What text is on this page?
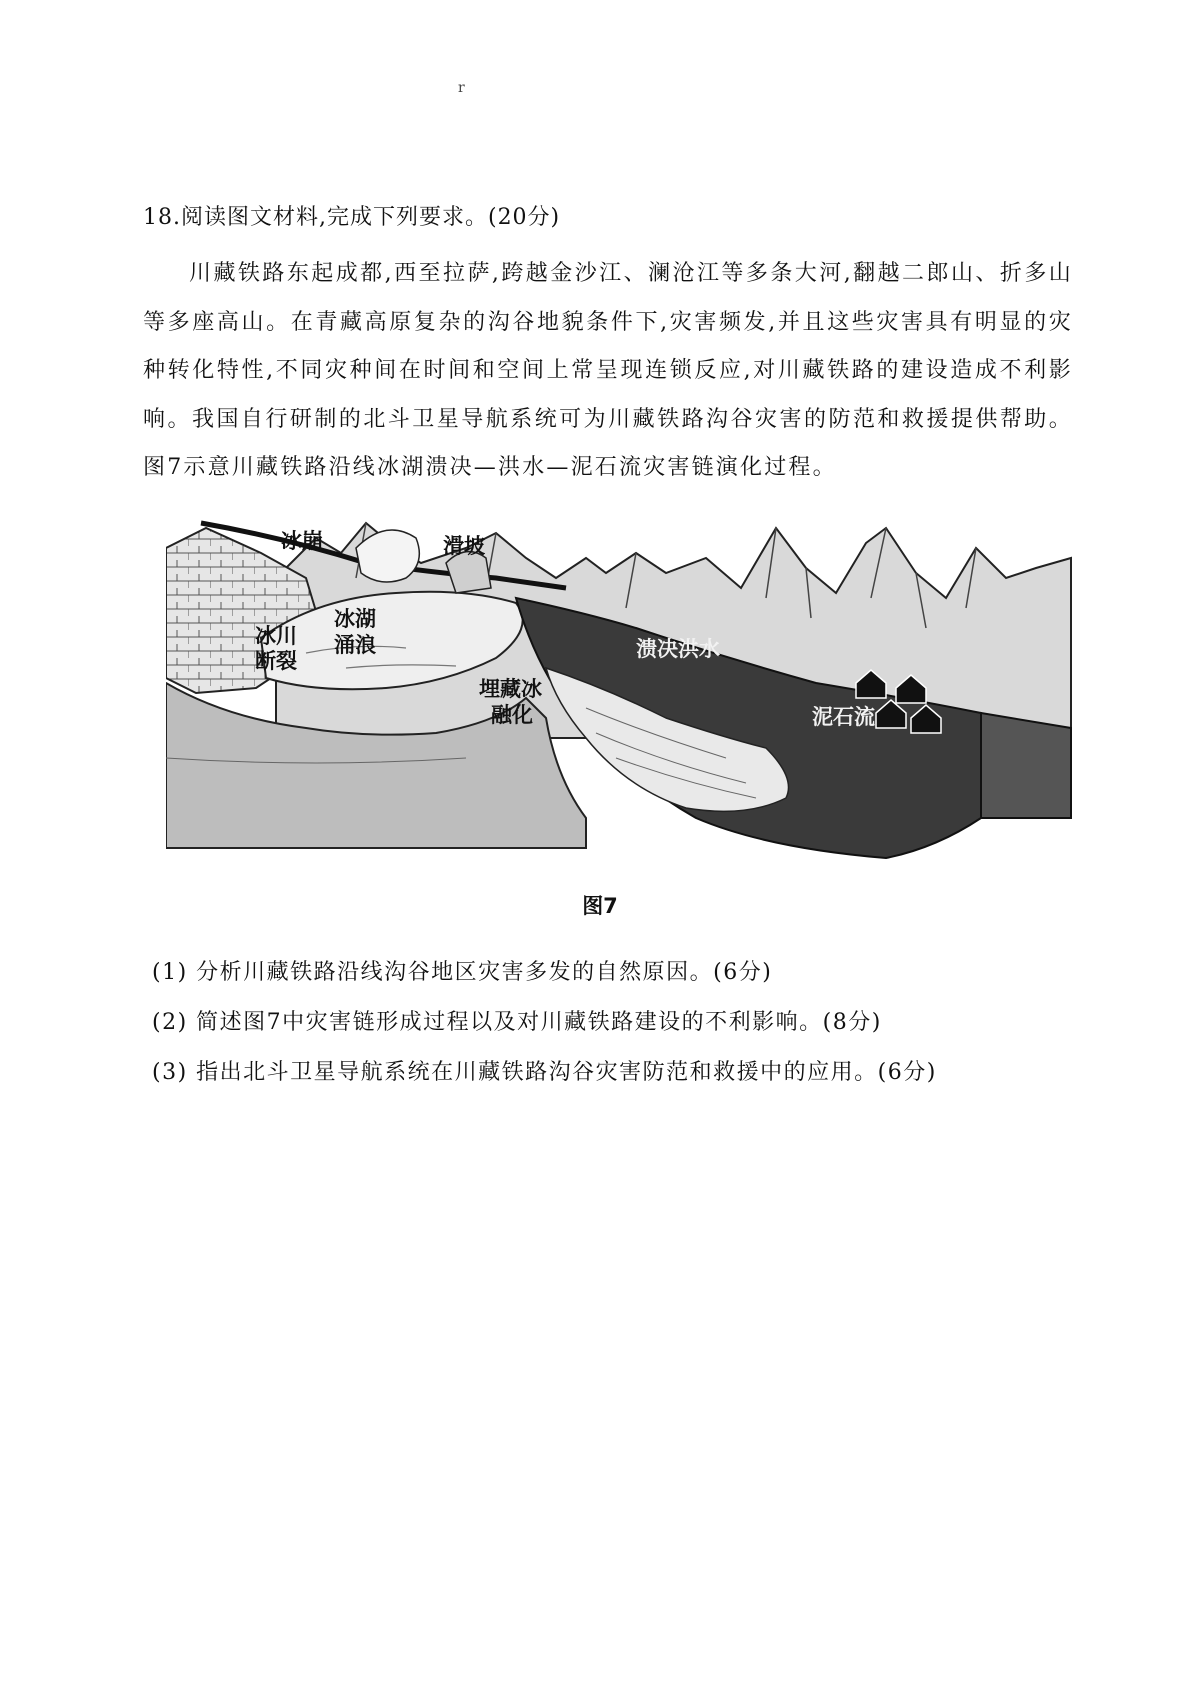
r
18.阅读图文材料,完成下列要求。(20分)

川藏铁路东起成都,西至拉萨,跨越金沙江、澜沧江等多条大河,翻越二郎山、折多山等多座高山。在青藏高原复杂的沟谷地貌条件下,灾害频发,并且这些灾害具有明显的灾种转化特性,不同灾种间在时间和空间上常呈现连锁反应,对川藏铁路的建设造成不利影响。我国自行研制的北斗卫星导航系统可为川藏铁路沟谷灾害的防范和救援提供帮助。图7示意川藏铁路沿线冰湖溃决—洪水—泥石流灾害链演化过程。

冰崩	滑坡
冰川
断裂
冰湖
涌浪
埋藏冰
融化
溃决洪水
泥石流
图7
(1) 分析川藏铁路沿线沟谷地区灾害多发的自然原因。(6分)
(2) 简述图7中灾害链形成过程以及对川藏铁路建设的不利影响。(8分)
(3) 指出北斗卫星导航系统在川藏铁路沟谷灾害防范和救援中的应用。(6分)
